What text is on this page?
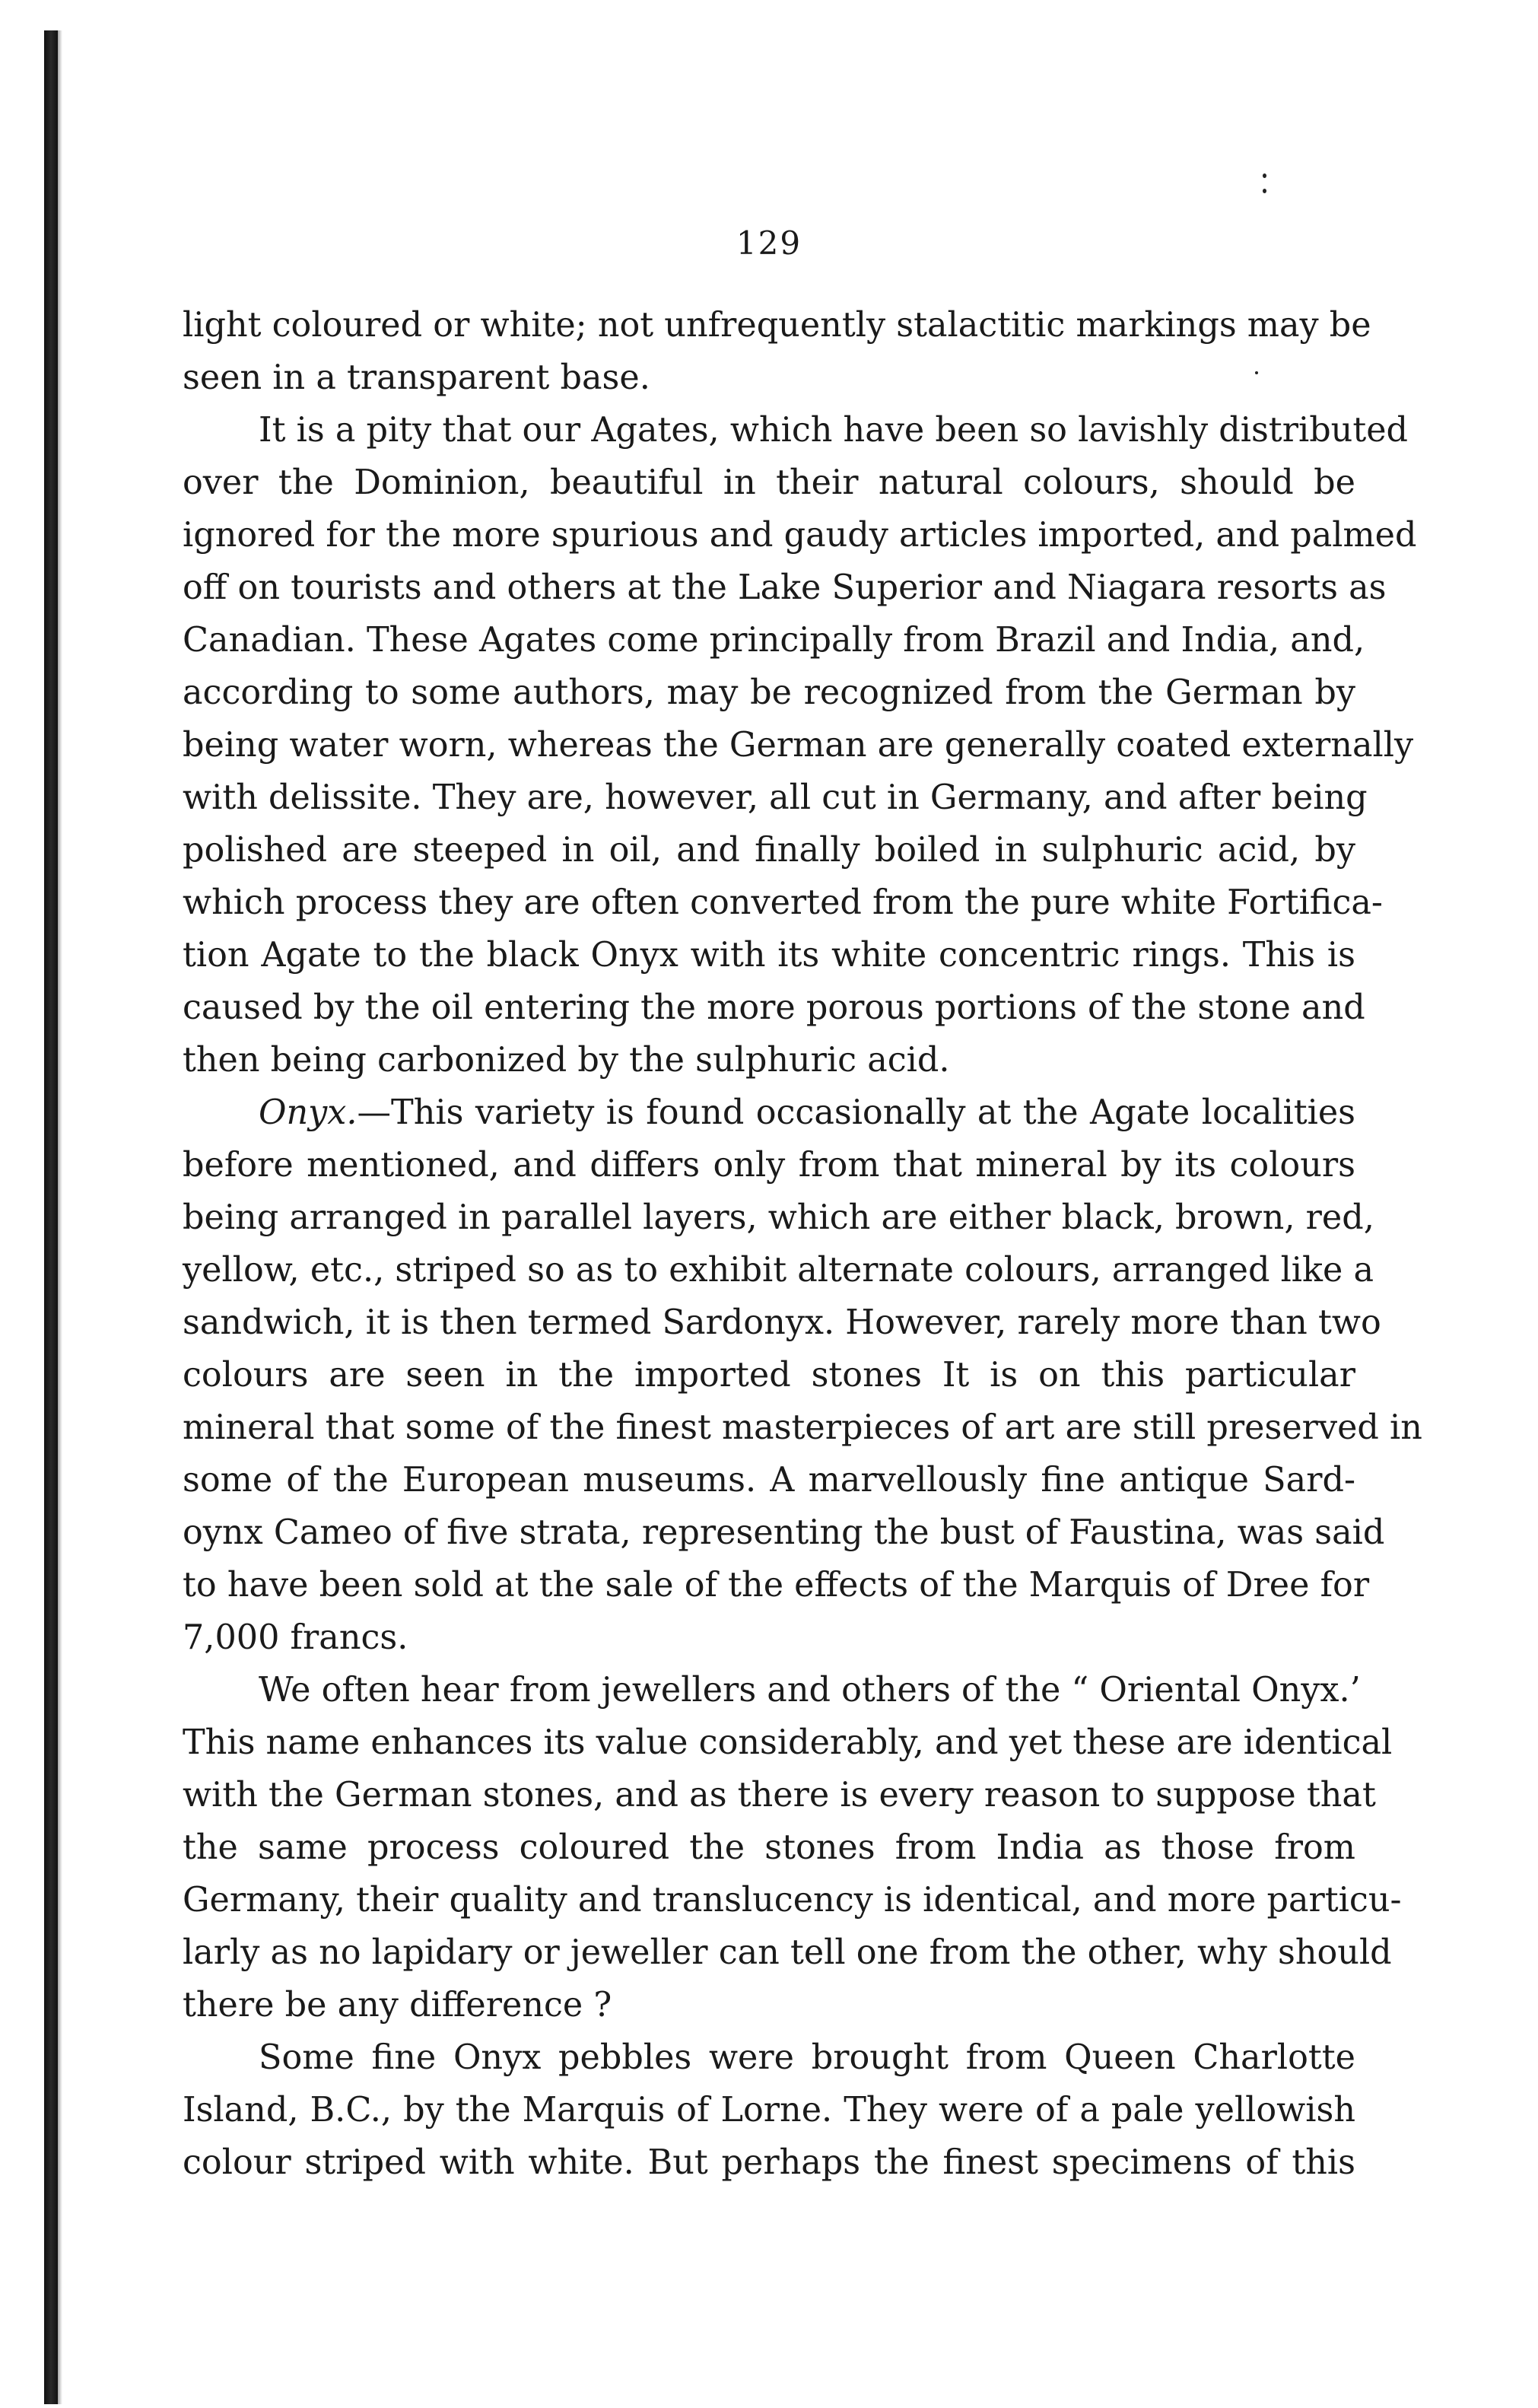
129
light coloured or white; not unfrequently stalactitic markings may be
seen in a transparent base.
It is a pity that our Agates, which have been so lavishly distributed
over the Dominion, beautiful in their natural colours, should be
ignored for the more spurious and gaudy articles imported, and palmed
off on tourists and others at the Lake Superior and Niagara resorts as
Canadian. These Agates come principally from Brazil and India, and,
according to some authors, may be recognized from the German by
being water worn, whereas the German are generally coated externally
with delissite. They are, however, all cut in Germany, and after being
polished are steeped in oil, and finally boiled in sulphuric acid, by
which process they are often converted from the pure white Fortifica-
tion Agate to the black Onyx with its white concentric rings. This is
caused by the oil entering the more porous portions of the stone and
then being carbonized by the sulphuric acid.
Onyx.—This variety is found occasionally at the Agate localities
before mentioned, and differs only from that mineral by its colours
being arranged in parallel layers, which are either black, brown, red,
yellow, etc., striped so as to exhibit alternate colours, arranged like a
sandwich, it is then termed Sardonyx. However, rarely more than two
colours are seen in the imported stones It is on this particular
mineral that some of the finest masterpieces of art are still preserved in
some of the European museums. A marvellously fine antique Sard-
oynx Cameo of five strata, representing the bust of Faustina, was said
to have been sold at the sale of the effects of the Marquis of Dree for
7,000 francs.
We often hear from jewellers and others of the “ Oriental Onyx.’
This name enhances its value considerably, and yet these are identical
with the German stones, and as there is every reason to suppose that
the same process coloured the stones from India as those from
Germany, their quality and translucency is identical, and more particu-
larly as no lapidary or jeweller can tell one from the other, why should
there be any difference ?
Some fine Onyx pebbles were brought from Queen Charlotte
Island, B.C., by the Marquis of Lorne. They were of a pale yellowish
colour striped with white. But perhaps the finest specimens of this
